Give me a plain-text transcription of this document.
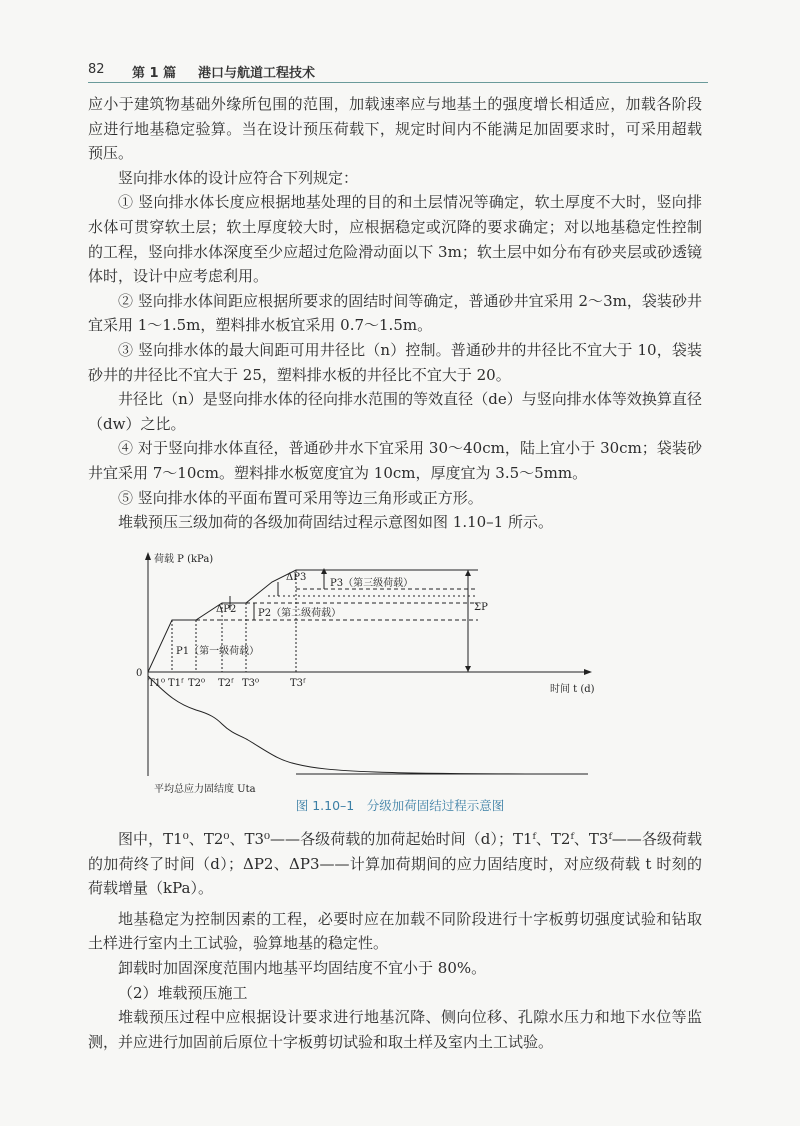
82 第 1 篇 港口与航道工程技术

应小于建筑物基础外缘所包围的范围，加载速率应与地基土的强度增长相适应，加载各阶段应进行地基稳定验算。当在设计预压荷载下，规定时间内不能满足加固要求时，可采用超载预压。

竖向排水体的设计应符合下列规定：

① 竖向排水体长度应根据地基处理的目的和土层情况等确定，软土厚度不大时，竖向排水体可贯穿软土层；软土厚度较大时，应根据稳定或沉降的要求确定；对以地基稳定性控制的工程，竖向排水体深度至少应超过危险滑动面以下 3m；软土层中如分布有砂夹层或砂透镜体时，设计中应考虑利用。

② 竖向排水体间距应根据所要求的固结时间等确定，普通砂井宜采用 2～3m，袋装砂井宜采用 1～1.5m，塑料排水板宜采用 0.7～1.5m。

③ 竖向排水体的最大间距可用井径比（n）控制。普通砂井的井径比不宜大于 10，袋装砂井的井径比不宜大于 25，塑料排水板的井径比不宜大于 20。

井径比（n）是竖向排水体的径向排水范围的等效直径（de）与竖向排水体等效换算直径（dw）之比。

④ 对于竖向排水体直径，普通砂井水下宜采用 30～40cm，陆上宜小于 30cm；袋装砂井宜采用 7～10cm。塑料排水板宽度宜为 10cm，厚度宜为 3.5～5mm。

⑤ 竖向排水体的平面布置可采用等边三角形或正方形。

堆载预压三级加荷的各级加荷固结过程示意图如图 1.10–1 所示。

荷载 P (kPa)
时间 t (d)
平均总应力固结度 Uta
0
P1（第一级荷载）
P2（第二级荷载）
P3（第三级荷载）
ΔP2
ΔP3
ΣP
T1⁰ T1ᶠ T2⁰ T2ᶠ T3⁰	T3ᶠ
图 1.10–1　分级加荷固结过程示意图

图中，T1⁰、T2⁰、T3⁰——各级荷载的加荷起始时间（d）；T1ᶠ、T2ᶠ、T3ᶠ——各级荷载的加荷终了时间（d）；ΔP2、ΔP3——计算加荷期间的应力固结度时，对应级荷载 t 时刻的荷载增量（kPa）。

地基稳定为控制因素的工程，必要时应在加载不同阶段进行十字板剪切强度试验和钻取土样进行室内土工试验，验算地基的稳定性。

卸载时加固深度范围内地基平均固结度不宜小于 80%。

（2）堆载预压施工

堆载预压过程中应根据设计要求进行地基沉降、侧向位移、孔隙水压力和地下水位等监测，并应进行加固前后原位十字板剪切试验和取土样及室内土工试验。
